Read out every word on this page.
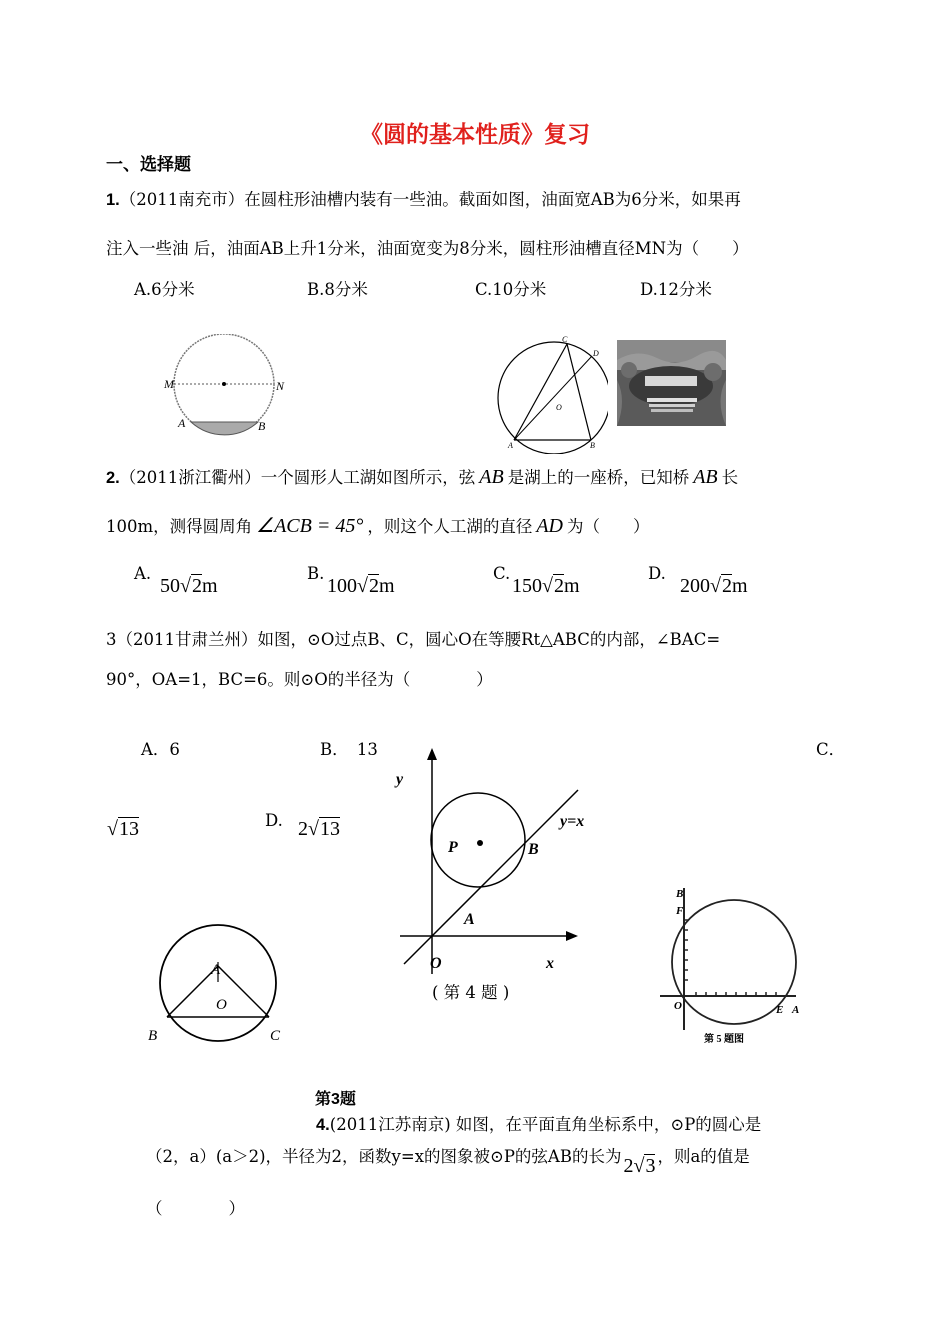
《圆的基本性质》复习
一、选择题
1.（2011南充市）在圆柱形油槽内装有一些油。截面如图，油面宽AB为6分米，如果再
注入一些油 后，油面AB上升1分米，油面宽变为8分米，圆柱形油槽直径MN为（　　）
A.6分米	B.8分米	C.10分米	D.12分米
M	N
A	B
C
D
O
A	B
2.（2011浙江衢州）一个圆形人工湖如图所示，弦 AB 是湖上的一座桥，已知桥 AB 长
100m，测得圆周角 ∠ACB = 45° ，则这个人工湖的直径 AD 为（　　）
A.
50√2m
B.
100√2m
C.
150√2m
D.
200√2m
3（2011甘肃兰州）如图，⊙O过点B、C，圆心O在等腰Rt△ABC的内部，∠BAC=
90°，OA=1，BC=6。则⊙O的半径为（　　　　）
A．6	B．　13	C．
√13	D. 2√13
A
O
B	C
第3题
y
y=x
P	B
A
O	x
( 第 4 题 )
B
F
O	E A
第 5 题图
4.(2011江苏南京) 如图，在平面直角坐标系中，⊙P的圆心是
（2，a）(a＞2)，半径为2，函数y=x的图象被⊙P的弦AB的长为 2√3 ，则a的值是
（　　　　）
